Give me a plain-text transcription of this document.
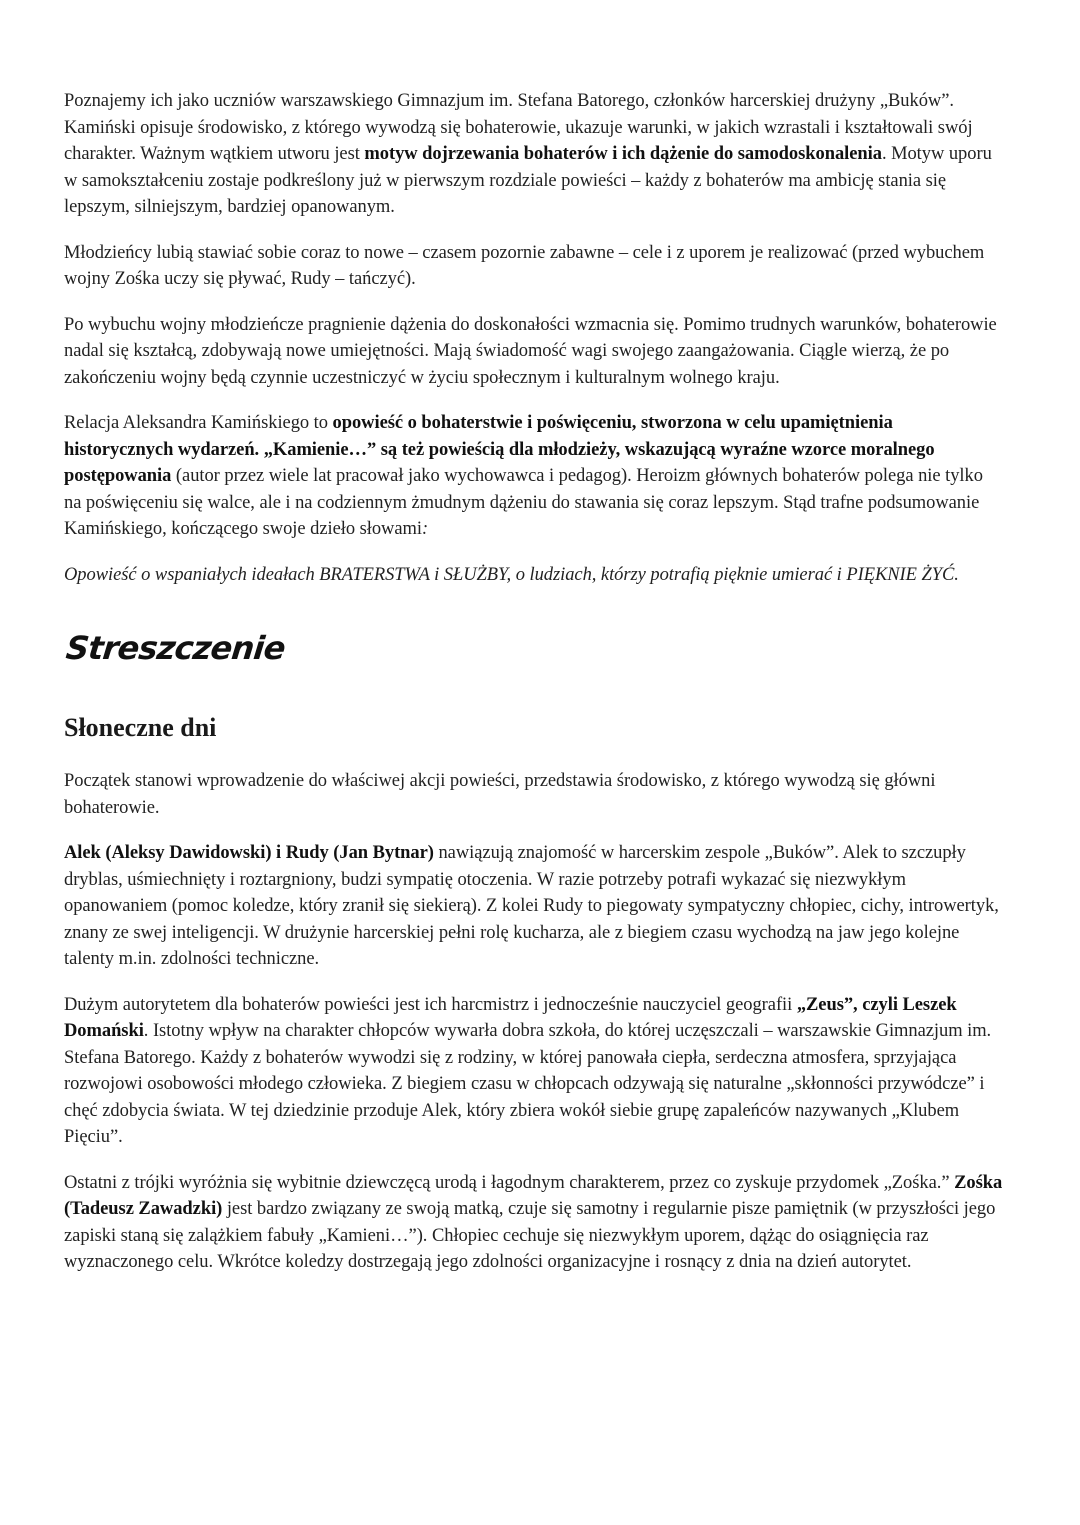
Poznajemy ich jako uczniów warszawskiego Gimnazjum im. Stefana Batorego, członków harcerskiej drużyny „Buków”. Kamiński opisuje środowisko, z którego wywodzą się bohaterowie, ukazuje warunki, w jakich wzrastali i kształtowali swój charakter. Ważnym wątkiem utworu jest motyw dojrzewania bohaterów i ich dążenie do samodoskonalenia. Motyw uporu w samokształceniu zostaje podkreślony już w pierwszym rozdziale powieści – każdy z bohaterów ma ambicję stania się lepszym, silniejszym, bardziej opanowanym.

Młodzieńcy lubią stawiać sobie coraz to nowe – czasem pozornie zabawne – cele i z uporem je realizować (przed wybuchem wojny Zośka uczy się pływać, Rudy – tańczyć).

Po wybuchu wojny młodzieńcze pragnienie dążenia do doskonałości wzmacnia się. Pomimo trudnych warunków, bohaterowie nadal się kształcą, zdobywają nowe umiejętności. Mają świadomość wagi swojego zaangażowania. Ciągle wierzą, że po zakończeniu wojny będą czynnie uczestniczyć w życiu społecznym i kulturalnym wolnego kraju.

Relacja Aleksandra Kamińskiego to opowieść o bohaterstwie i poświęceniu, stworzona w celu upamiętnienia historycznych wydarzeń. „Kamienie…” są też powieścią dla młodzieży, wskazującą wyraźne wzorce moralnego postępowania (autor przez wiele lat pracował jako wychowawca i pedagog). Heroizm głównych bohaterów polega nie tylko na poświęceniu się walce, ale i na codziennym żmudnym dążeniu do stawania się coraz lepszym. Stąd trafne podsumowanie Kamińskiego, kończącego swoje dzieło słowami:

Opowieść o wspaniałych ideałach BRATERSTWA i SŁUŻBY, o ludziach, którzy potrafią pięknie umierać i PIĘKNIE ŻYĆ.

Streszczenie
Słoneczne dni

Początek stanowi wprowadzenie do właściwej akcji powieści, przedstawia środowisko, z którego wywodzą się główni bohaterowie.

Alek (Aleksy Dawidowski) i Rudy (Jan Bytnar) nawiązują znajomość w harcerskim zespole „Buków”. Alek to szczupły dryblas, uśmiechnięty i roztargniony, budzi sympatię otoczenia. W razie potrzeby potrafi wykazać się niezwykłym opanowaniem (pomoc koledze, który zranił się siekierą). Z kolei Rudy to piegowaty sympatyczny chłopiec, cichy, introwertyk, znany ze swej inteligencji. W drużynie harcerskiej pełni rolę kucharza, ale z biegiem czasu wychodzą na jaw jego kolejne talenty m.in. zdolności techniczne.

Dużym autorytetem dla bohaterów powieści jest ich harcmistrz i jednocześnie nauczyciel geografii „Zeus”, czyli Leszek Domański. Istotny wpływ na charakter chłopców wywarła dobra szkoła, do której uczęszczali – warszawskie Gimnazjum im. Stefana Batorego. Każdy z bohaterów wywodzi się z rodziny, w której panowała ciepła, serdeczna atmosfera, sprzyjająca rozwojowi osobowości młodego człowieka. Z biegiem czasu w chłopcach odzywają się naturalne „skłonności przywódcze” i chęć zdobycia świata. W tej dziedzinie przoduje Alek, który zbiera wokół siebie grupę zapaleńców nazywanych „Klubem Pięciu”.

Ostatni z trójki wyróżnia się wybitnie dziewczęcą urodą i łagodnym charakterem, przez co zyskuje przydomek „Zośka.” Zośka (Tadeusz Zawadzki) jest bardzo związany ze swoją matką, czuje się samotny i regularnie pisze pamiętnik (w przyszłości jego zapiski staną się zalążkiem fabuły „Kamieni…”). Chłopiec cechuje się niezwykłym uporem, dążąc do osiągnięcia raz wyznaczonego celu. Wkrótce koledzy dostrzegają jego zdolności organizacyjne i rosnący z dnia na dzień autorytet.
